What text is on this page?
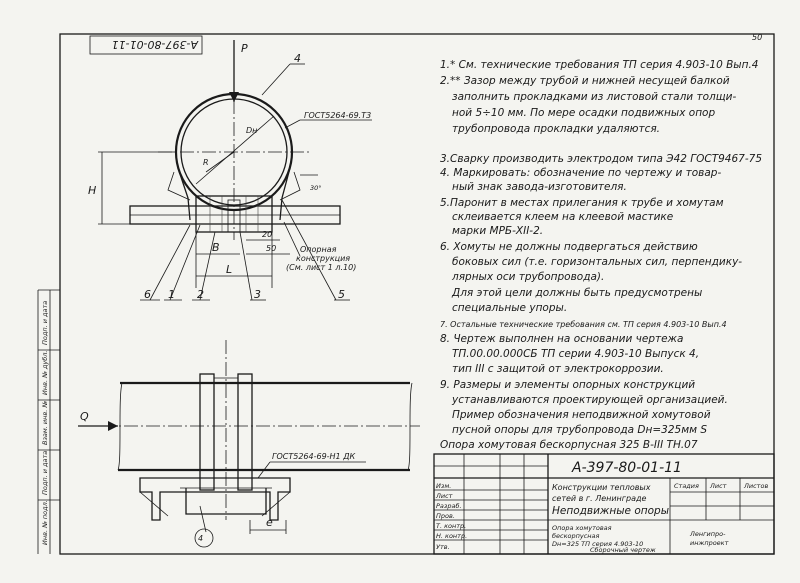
Инв. № подл.
Подп. и дата
Взам. инв. №
Инв. № дубл.
Подп. и дата
50
A-397-80-01-11	P
Dн
R
4
ГОСТ5264-69.Т3
H	30°
B
20
50
L
Опорная
конструкция
(См. лист 1 л.10)
6 1 2	3	5
Q
ГОСТ5264-69-Н1 ДК
4
e
1.* См. технические требования ТП серия 4.903-10 Вып.4
2.** Зазор между трубой и нижней несущей балкой
заполнить прокладками из листовой стали толщи-
ной 5÷10 мм. По мере осадки подвижных опор
трубопровода прокладки удаляются.
3.Сварку производить электродом типа Э42 ГОСТ9467-75
4. Маркировать: обозначение по чертежу и товар-
ный знак завода-изготовителя.
5.Паронит в местах прилегания к трубе и хомутам
склеивается клеем на клеевой мастике
марки МРБ-XII-2.
6. Хомуты не должны подвергаться действию
боковых сил (т.е. горизонтальных сил, перпендику-
лярных оси трубопровода).
Для этой цели должны быть предусмотрены
специальные упоры.
7. Остальные технические требования см. ТП серия 4.903-10 Вып.4
8. Чертеж выполнен на основании чертежа
ТП.00.00.000СБ ТП серии 4.903-10 Выпуск 4,
тип III с защитой от электрокоррозии.
9. Размеры и элементы опорных конструкций
устанавливаются проектирующей организацией.
Пример обозначения неподвижной хомутовой
пусной опоры для трубопровода Dн=325мм S
Опора хомутовая бескорпусная 325 В-III ТН.07
Изм.
Лист
Разраб.
Пров.
Т. контр.
Н. контр.
Утв.
А-397-80-01-11
Конструкции тепловых
сетей в г. Ленинграде
Неподвижные опоры
Опора хомутовая
бескорпусная
Dн=325 ТП серия 4.903-10
Сборочный чертеж
Стадия Лист	Листов
Ленгипро-
инжпроект
